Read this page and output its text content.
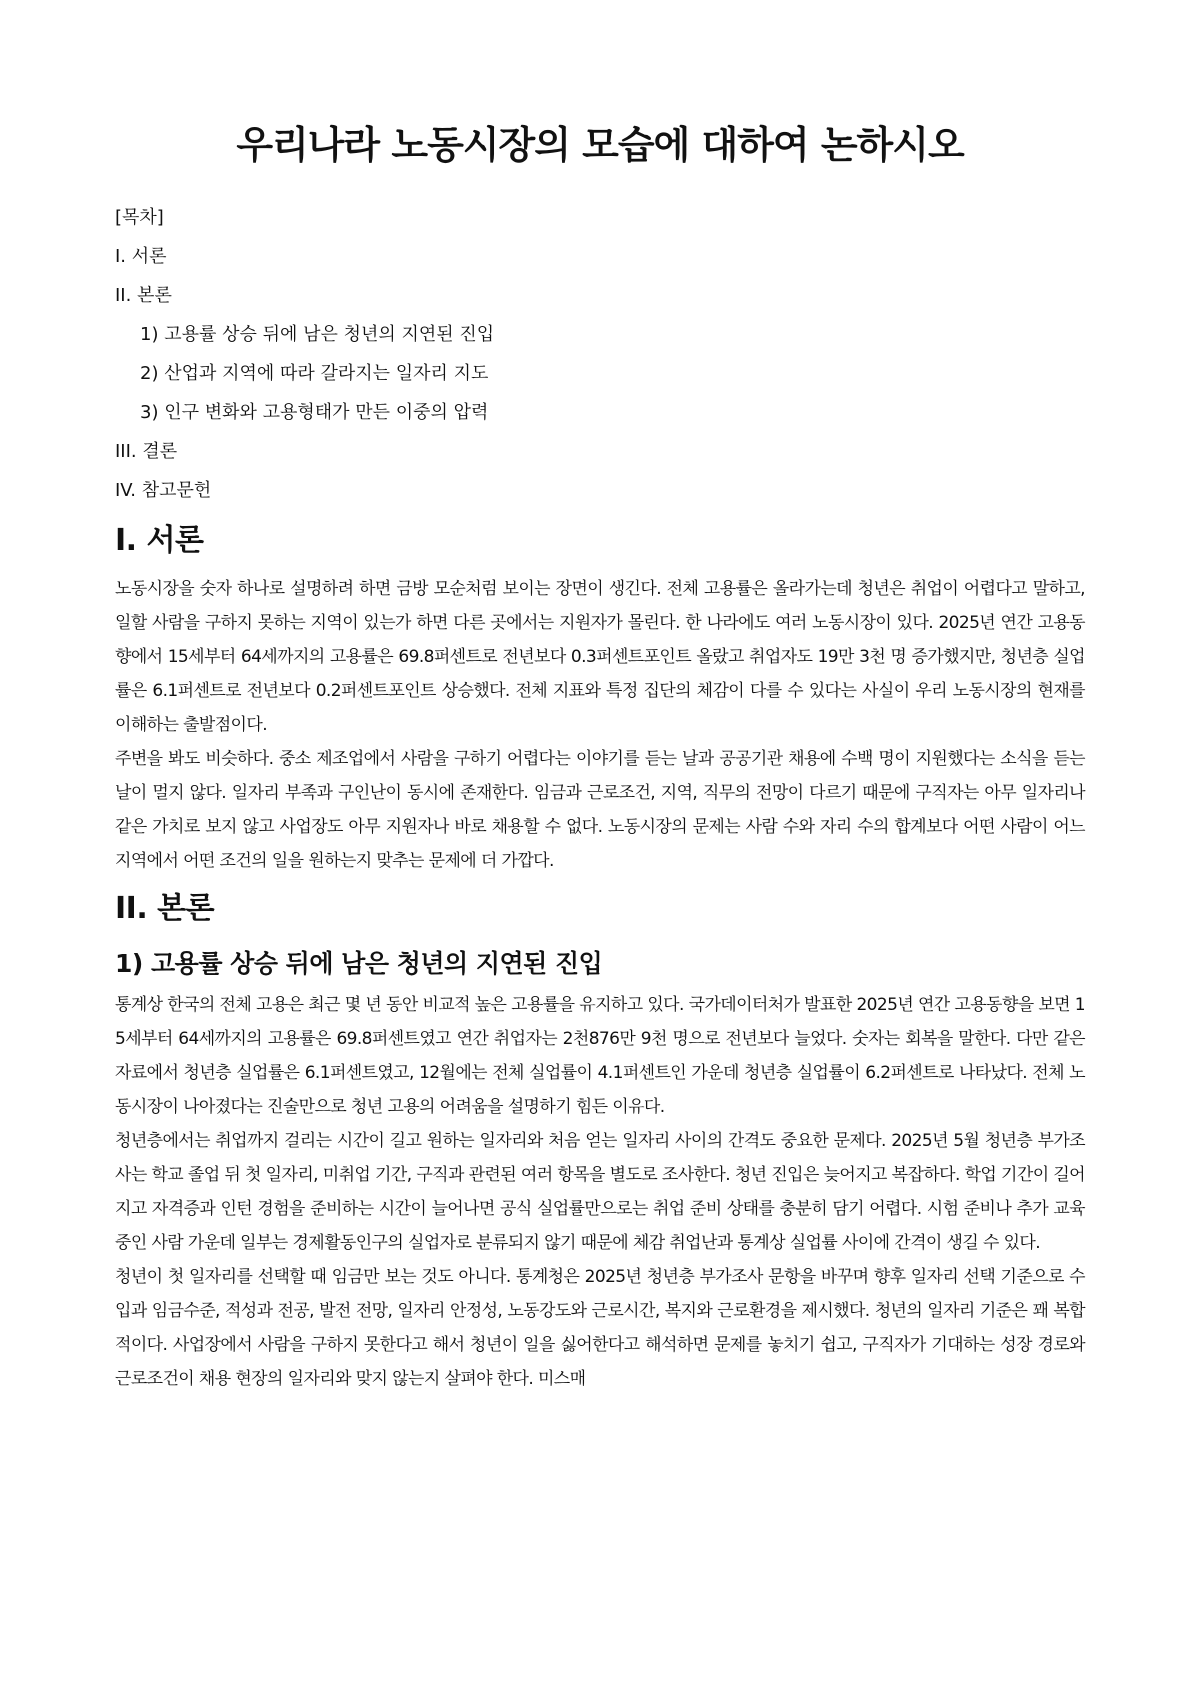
우리나라 노동시장의 모습에 대하여 논하시오
[목차]
I. 서론
II. 본론
1) 고용률 상승 뒤에 남은 청년의 지연된 진입
2) 산업과 지역에 따라 갈라지는 일자리 지도
3) 인구 변화와 고용형태가 만든 이중의 압력
III. 결론
IV. 참고문헌
I. 서론

노동시장을 숫자 하나로 설명하려 하면 금방 모순처럼 보이는 장면이 생긴다. 전체 고용률은 올라가는데 청년은 취업이 어렵다고 말하고, 일할 사람을 구하지 못하는 지역이 있는가 하면 다른 곳에서는 지원자가 몰린다. 한 나라에도 여러 노동시장이 있다. 2025년 연간 고용동향에서 15세부터 64세까지의 고용률은 69.8퍼센트로 전년보다 0.3퍼센트포인트 올랐고 취업자도 19만 3천 명 증가했지만, 청년층 실업률은 6.1퍼센트로 전년보다 0.2퍼센트포인트 상승했다. 전체 지표와 특정 집단의 체감이 다를 수 있다는 사실이 우리 노동시장의 현재를 이해하는 출발점이다.

주변을 봐도 비슷하다. 중소 제조업에서 사람을 구하기 어렵다는 이야기를 듣는 날과 공공기관 채용에 수백 명이 지원했다는 소식을 듣는 날이 멀지 않다. 일자리 부족과 구인난이 동시에 존재한다. 임금과 근로조건, 지역, 직무의 전망이 다르기 때문에 구직자는 아무 일자리나 같은 가치로 보지 않고 사업장도 아무 지원자나 바로 채용할 수 없다. 노동시장의 문제는 사람 수와 자리 수의 합계보다 어떤 사람이 어느 지역에서 어떤 조건의 일을 원하는지 맞추는 문제에 더 가깝다.

II. 본론
1) 고용률 상승 뒤에 남은 청년의 지연된 진입

통계상 한국의 전체 고용은 최근 몇 년 동안 비교적 높은 고용률을 유지하고 있다. 국가데이터처가 발표한 2025년 연간 고용동향을 보면 15세부터 64세까지의 고용률은 69.8퍼센트였고 연간 취업자는 2천876만 9천 명으로 전년보다 늘었다. 숫자는 회복을 말한다. 다만 같은 자료에서 청년층 실업률은 6.1퍼센트였고, 12월에는 전체 실업률이 4.1퍼센트인 가운데 청년층 실업률이 6.2퍼센트로 나타났다. 전체 노동시장이 나아졌다는 진술만으로 청년 고용의 어려움을 설명하기 힘든 이유다.

청년층에서는 취업까지 걸리는 시간이 길고 원하는 일자리와 처음 얻는 일자리 사이의 간격도 중요한 문제다. 2025년 5월 청년층 부가조사는 학교 졸업 뒤 첫 일자리, 미취업 기간, 구직과 관련된 여러 항목을 별도로 조사한다. 청년 진입은 늦어지고 복잡하다. 학업 기간이 길어지고 자격증과 인턴 경험을 준비하는 시간이 늘어나면 공식 실업률만으로는 취업 준비 상태를 충분히 담기 어렵다. 시험 준비나 추가 교육 중인 사람 가운데 일부는 경제활동인구의 실업자로 분류되지 않기 때문에 체감 취업난과 통계상 실업률 사이에 간격이 생길 수 있다.

청년이 첫 일자리를 선택할 때 임금만 보는 것도 아니다. 통계청은 2025년 청년층 부가조사 문항을 바꾸며 향후 일자리 선택 기준으로 수입과 임금수준, 적성과 전공, 발전 전망, 일자리 안정성, 노동강도와 근로시간, 복지와 근로환경을 제시했다. 청년의 일자리 기준은 꽤 복합적이다. 사업장에서 사람을 구하지 못한다고 해서 청년이 일을 싫어한다고 해석하면 문제를 놓치기 쉽고, 구직자가 기대하는 성장 경로와 근로조건이 채용 현장의 일자리와 맞지 않는지 살펴야 한다. 미스매
